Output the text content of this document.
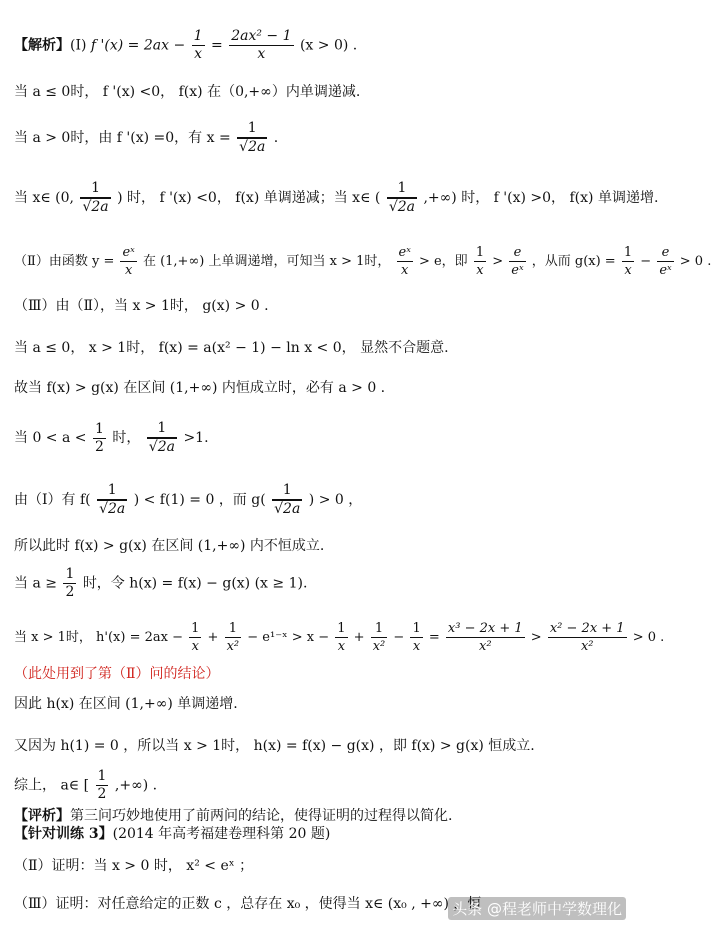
【解析】(Ⅰ) f '$(x) = 2ax - \frac{1}{x} = \frac{\text{2ax² − 1}}{x} (x > 0)$ .
当 a ≤ 0时， f '(x) <0， f(x) 在（0,+∞）内单调递减.
当 a > 0时，由 f '(x) =0，有 $x = \frac{1}{√2a}$ .
当 x∈ (0, $\frac{1}{√2a}$ ) 时， f '(x) <0， f(x) 单调递减；当 x∈ ( $\frac{1}{√2a}$ ,+∞) 时， f '(x) >0， f(x) 单调递增.
（Ⅱ）由函数 $y = \frac{\text{eˣ}}{x}$ 在 (1,+∞) 上单调递增，可知当 x > 1时， $\frac{\text{eˣ}}{x} > e$，即 $\frac{1}{x} > \frac{e}{\text{eˣ}}$ ，从而 $g(x) = \frac{1}{x} - \frac{e}{\text{eˣ}} > 0$ .
（Ⅲ）由（Ⅱ），当 x > 1时， g(x) > 0 .
当 a ≤ 0， x > 1时， f(x) = a(x² − 1) − ln x < 0， 显然不合题意.
故当 f(x) > g(x) 在区间 (1,+∞) 内恒成立时，必有 a > 0 .
当 $0 < a < \frac{1}{2}$ 时， $\frac{1}{√2a} >1$.
由（Ⅰ）有 $f( \frac{1}{√2a}$ ) < f(1) = 0 ，而 $g( \frac{1}{√2a}$ ) > 0 ，
所以此时 f(x) > g(x) 在区间 (1,+∞) 内不恒成立.
当 $a \ge \frac{1}{2}$ 时，令 h(x) = f(x) − g(x) (x ≥ 1).
当 x > 1时， $h'(x) = 2ax - \frac{1}{x} + \frac{1}{\text{x²}}$ − e¹⁻ˣ > $x - \frac{1}{x} + \frac{1}{\text{x²}} - \frac{1}{x} = \frac{\text{x³ − 2x + 1}}{\text{x²}} > \frac{\text{x² − 2x + 1}}{\text{x²}} > 0$ .
（此处用到了第（Ⅱ）问的结论）
因此 h(x) 在区间 (1,+∞) 单调递增.
又因为 h(1) = 0 ，所以当 x > 1时， h(x) = f(x) − g(x) ，即 f(x) > g(x) 恒成立.
综上， a∈ [ $\frac{1}{2}$ ,+∞) .
【评析】第三问巧妙地使用了前两问的结论，使得证明的过程得以简化.
【针对训练 3】(2014 年高考福建卷理科第 20 题)
（Ⅱ）证明：当 x > 0 时， x² < eˣ ；
（Ⅲ）证明：对任意给定的正数 c ，总存在 x₀ ，使得当 x∈ (x₀ , +∞) ，恒
头条 @程老师中学数理化
